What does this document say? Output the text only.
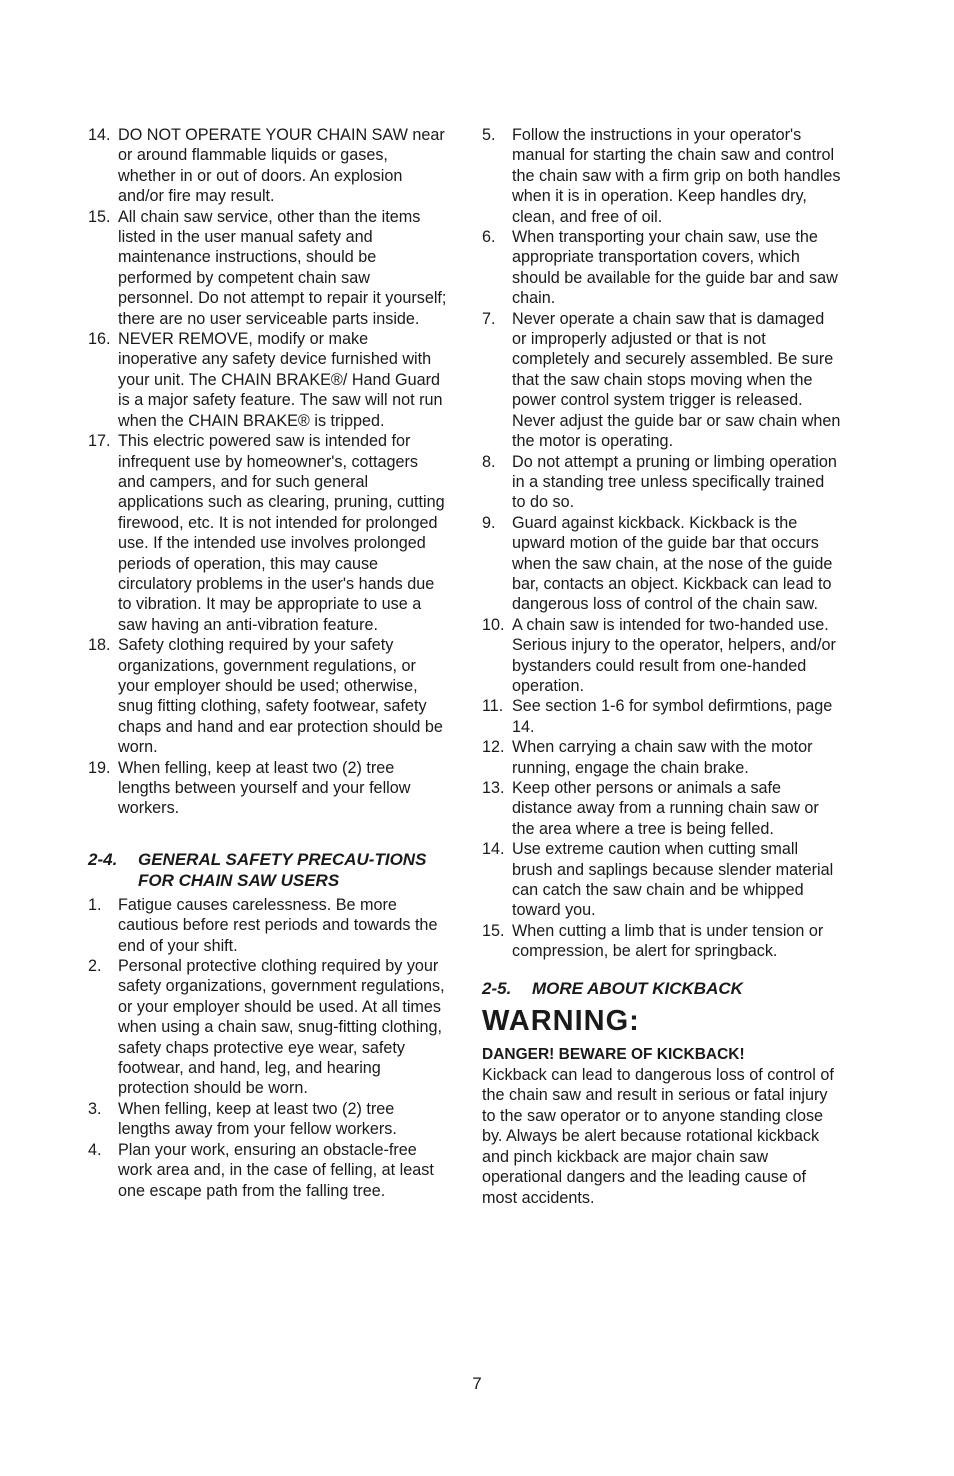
14. DO NOT OPERATE YOUR CHAIN SAW near or around flammable liquids or gases, whether in or out of doors. An explosion and/or fire may result.
15. All chain saw service, other than the items listed in the user manual safety and maintenance instructions, should be performed by competent chain saw personnel. Do not attempt to repair it yourself; there are no user serviceable parts inside.
16. NEVER REMOVE, modify or make inoperative any safety device furnished with your unit. The CHAIN BRAKE®/ Hand Guard is a major safety feature. The saw will not run when the CHAIN BRAKE® is tripped.
17. This electric powered saw is intended for infrequent use by homeowner's, cottagers and campers, and for such general applications such as clearing, pruning, cutting firewood, etc. It is not intended for prolonged use. If the intended use involves prolonged periods of operation, this may cause circulatory problems in the user's hands due to vibration. It may be appropriate to use a saw having an anti-vibration feature.
18. Safety clothing required by your safety organizations, government regulations, or your employer should be used; otherwise, snug fitting clothing, safety footwear, safety chaps and hand and ear protection should be worn.
19. When felling, keep at least two (2) tree lengths between yourself and your fellow workers.
2-4. GENERAL SAFETY PRECAU-TIONS FOR CHAIN SAW USERS
1. Fatigue causes carelessness. Be more cautious before rest periods and towards the end of your shift.
2. Personal protective clothing required by your safety organizations, government regulations, or your employer should be used. At all times when using a chain saw, snug-fitting clothing, safety chaps protective eye wear, safety footwear, and hand, leg, and hearing protection should be worn.
3. When felling, keep at least two (2) tree lengths away from your fellow workers.
4. Plan your work, ensuring an obstacle-free work area and, in the case of felling, at least one escape path from the falling tree.
5. Follow the instructions in your operator's manual for starting the chain saw and control the chain saw with a firm grip on both handles when it is in operation. Keep handles dry, clean, and free of oil.
6. When transporting your chain saw, use the appropriate transportation covers, which should be available for the guide bar and saw chain.
7. Never operate a chain saw that is damaged or improperly adjusted or that is not completely and securely assembled. Be sure that the saw chain stops moving when the power control system trigger is released. Never adjust the guide bar or saw chain when the motor is operating.
8. Do not attempt a pruning or limbing operation in a standing tree unless specifically trained to do so.
9. Guard against kickback. Kickback is the upward motion of the guide bar that occurs when the saw chain, at the nose of the guide bar, contacts an object. Kickback can lead to dangerous loss of control of the chain saw.
10. A chain saw is intended for two-handed use. Serious injury to the operator, helpers, and/or bystanders could result from one-handed operation.
11. See section 1-6 for symbol defirmtions, page 14.
12. When carrying a chain saw with the motor running, engage the chain brake.
13. Keep other persons or animals a safe distance away from a running chain saw or the area where a tree is being felled.
14. Use extreme caution when cutting small brush and saplings because slender material can catch the saw chain and be whipped toward you.
15. When cutting a limb that is under tension or compression, be alert for springback.
2-5. MORE ABOUT KICKBACK
WARNING:
DANGER! BEWARE OF KICKBACK!

Kickback can lead to dangerous loss of control of the chain saw and result in serious or fatal injury to the saw operator or to anyone standing close by. Always be alert because rotational kickback and pinch kickback are major chain saw operational dangers and the leading cause of most accidents.

7
